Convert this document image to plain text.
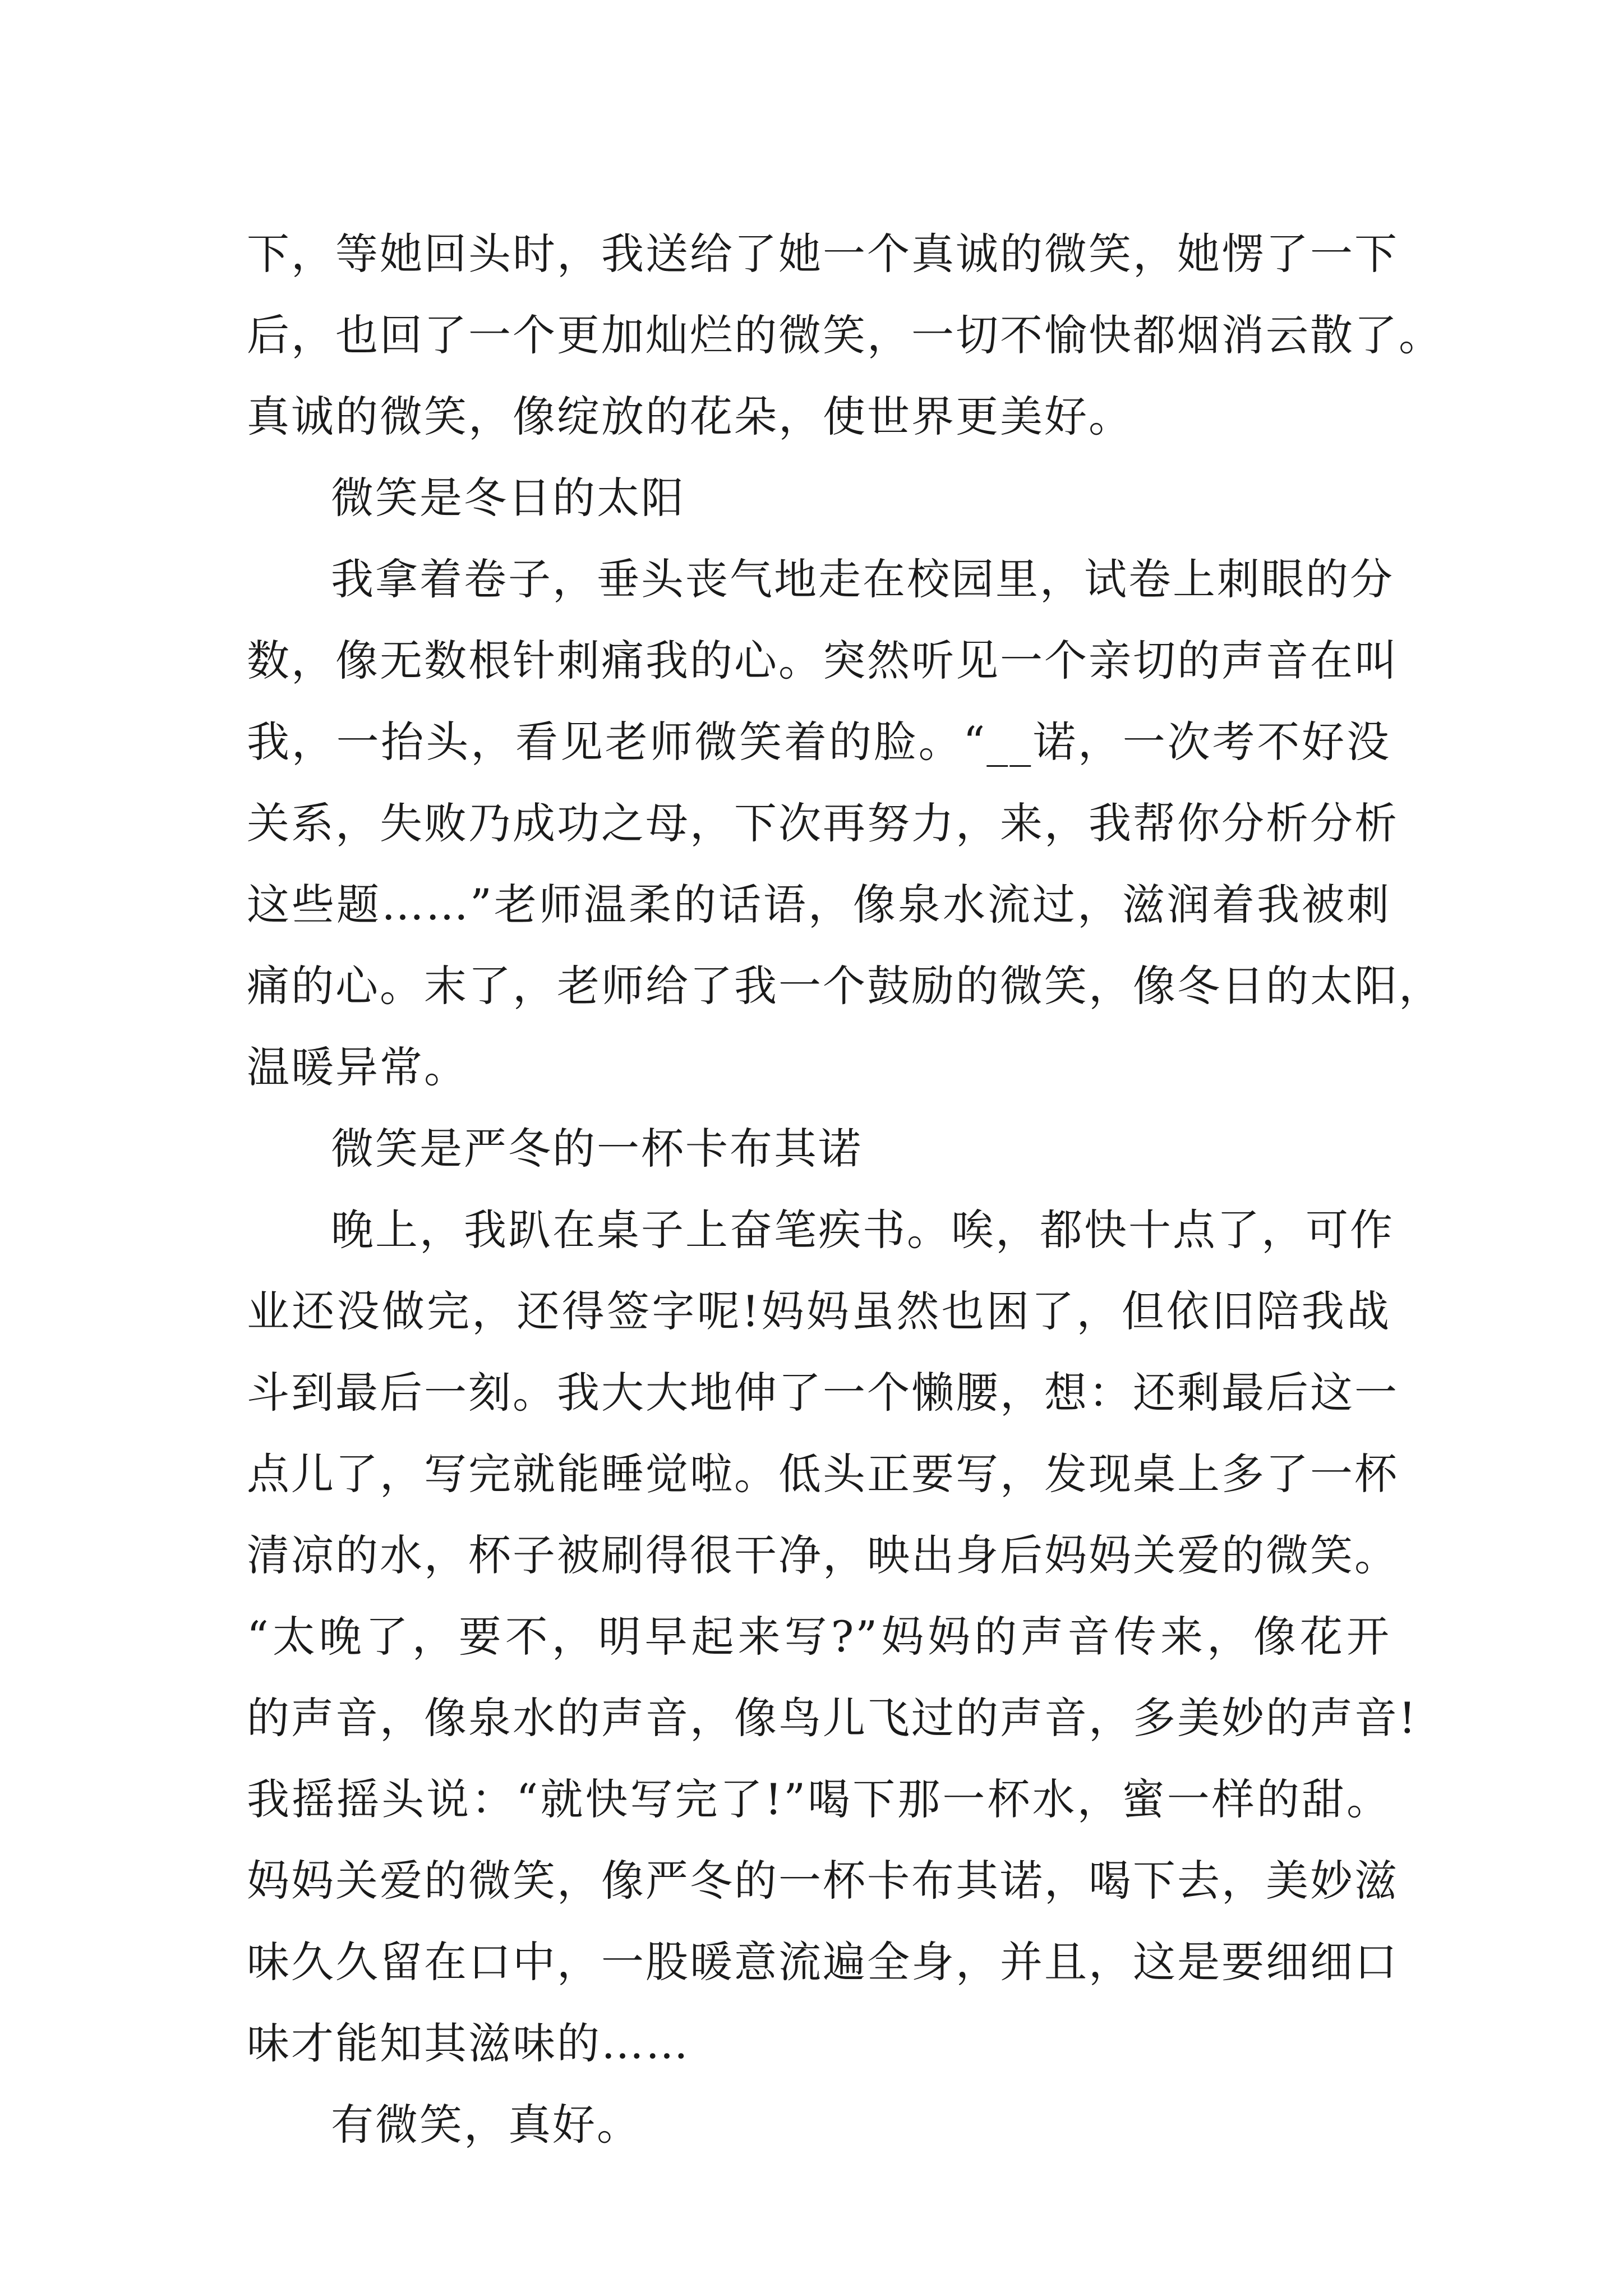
下，等她回头时，我送给了她一个真诚的微笑，她愣了一下
后，也回了一个更加灿烂的微笑，一切不愉快都烟消云散了。
真诚的微笑，像绽放的花朵，使世界更美好。
微笑是冬日的太阳
我拿着卷子，垂头丧气地走在校园里，试卷上刺眼的分
数，像无数根针刺痛我的心。突然听见一个亲切的声音在叫
我，一抬头，看见老师微笑着的脸。“__诺，一次考不好没
关系，失败乃成功之母，下次再努力，来，我帮你分析分析
这些题……”老师温柔的话语，像泉水流过，滋润着我被刺
痛的心。末了，老师给了我一个鼓励的微笑，像冬日的太阳，
温暖异常。
微笑是严冬的一杯卡布其诺
晚上，我趴在桌子上奋笔疾书。唉，都快十点了，可作
业还没做完，还得签字呢!妈妈虽然也困了，但依旧陪我战
斗到最后一刻。我大大地伸了一个懒腰，想：还剩最后这一
点儿了，写完就能睡觉啦。低头正要写，发现桌上多了一杯
清凉的水，杯子被刷得很干净，映出身后妈妈关爱的微笑。
“太晚了，要不，明早起来写?”妈妈的声音传来，像花开
的声音，像泉水的声音，像鸟儿飞过的声音，多美妙的声音!
我摇摇头说：“就快写完了!”喝下那一杯水，蜜一样的甜。
妈妈关爱的微笑，像严冬的一杯卡布其诺，喝下去，美妙滋
味久久留在口中，一股暖意流遍全身，并且，这是要细细口
味才能知其滋味的……
有微笑，真好。
